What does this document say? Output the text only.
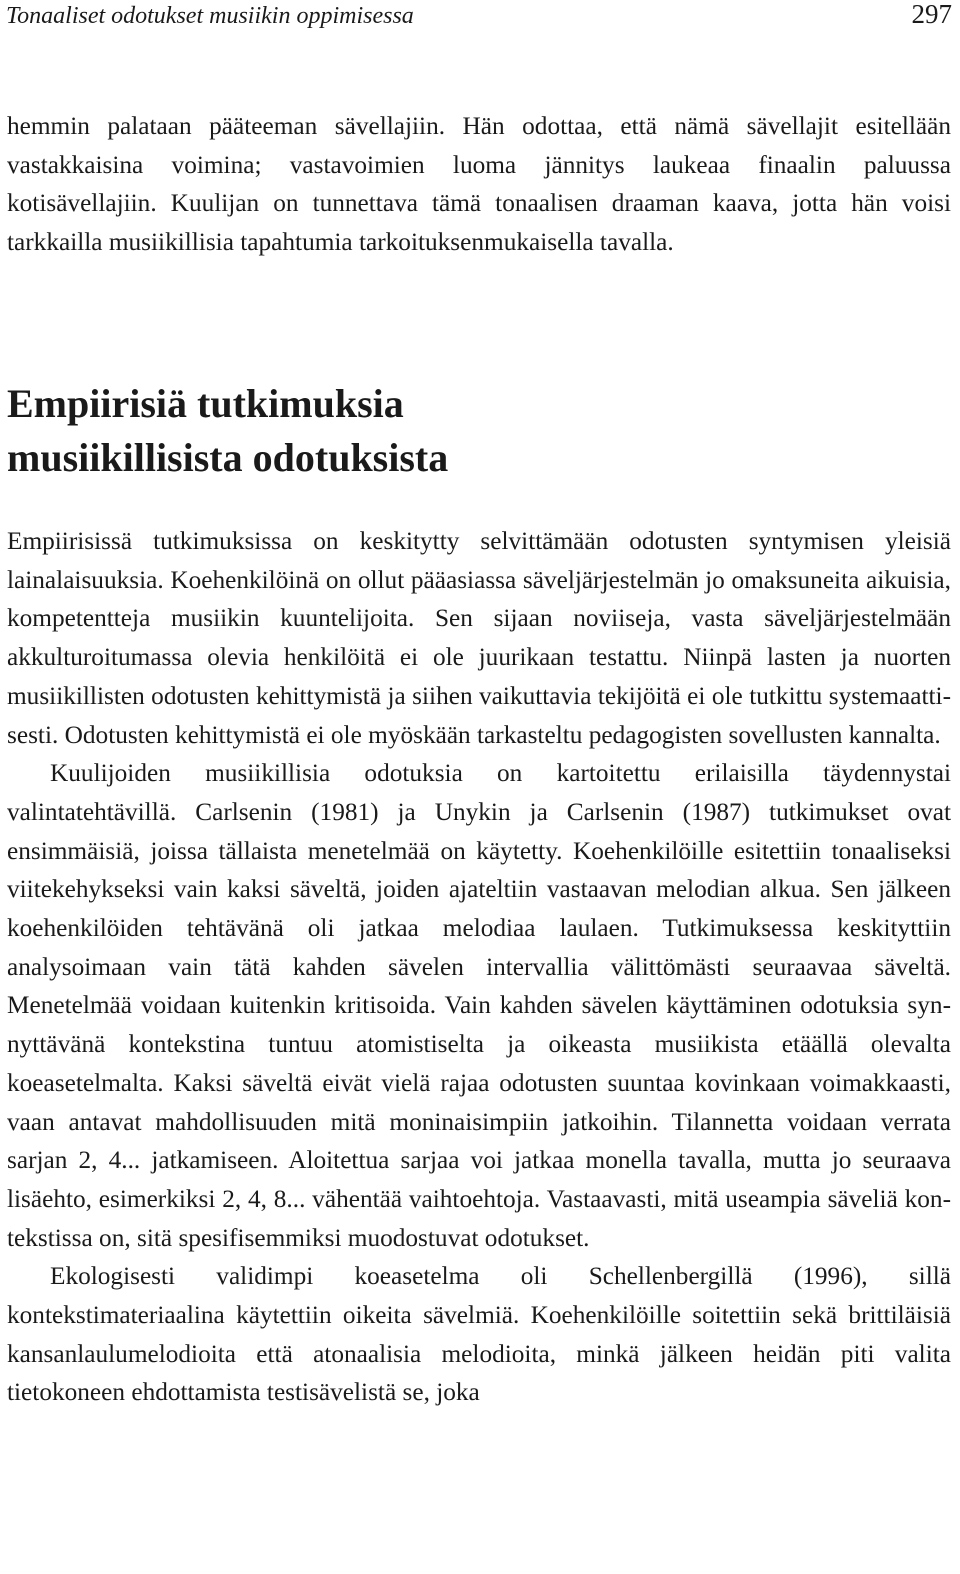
Tonaaliset odotukset musiikin oppimisessa	297

hemmin palataan pääteeman sävellajiin. Hän odottaa, että nämä sävellajit esitellään vastakkaisina voimina; vastavoimien luoma jännitys laukeaa finaalin paluussa kotisävellajiin. Kuulijan on tunnettava tämä tonaalisen draaman kaava, jotta hän voisi tarkkailla musiikillisia tapahtumia tarkoituksenmukaisella tavalla.

Empiirisiä tutkimuksia
musiikillisista odotuksista

Empiirisissä tutkimuksissa on keskitytty selvittämään odotusten syntymisen yleisiä lainalaisuuksia. Koehenkilöinä on ollut pääasiassa säveljärjestelmän jo omaksuneita aikuisia, kompetentteja musiikin kuuntelijoita. Sen sijaan noviiseja, vasta säveljärjestelmään akkulturoitumassa olevia henkilöitä ei ole juurikaan testattu. Niinpä lasten ja nuorten musiikillisten odotusten kehittymistä ja siihen vaikuttavia tekijöitä ei ole tutkittu systemaattisesti. Odotusten kehittymistä ei ole myöskään tarkasteltu pedagogisten sovellusten kannalta.

Kuulijoiden musiikillisia odotuksia on kartoitettu erilaisilla täydennystai valintatehtävillä. Carlsenin (1981) ja Unykin ja Carlsenin (1987) tutkimukset ovat ensimmäisiä, joissa tällaista menetelmää on käytetty. Koehenkilöille esitettiin tonaaliseksi viitekehykseksi vain kaksi säveltä, joiden ajateltiin vastaavan melodian alkua. Sen jälkeen koehenkilöiden tehtävänä oli jatkaa melodiaa laulaen. Tutkimuksessa keskityttiin analysoimaan vain tätä kahden sävelen intervallia välittömästi seuraavaa säveltä. Menetelmää voidaan kuitenkin kritisoida. Vain kahden sävelen käyttäminen odotuksia synnyttävänä kontekstina tuntuu atomistiselta ja oikeasta musiikista etäällä olevalta koeasetelmalta. Kaksi säveltä eivät vielä rajaa odotusten suuntaa kovinkaan voimakkaasti, vaan antavat mahdollisuuden mitä moninaisimpiin jatkoihin. Tilannetta voidaan verrata sarjan 2, 4... jatkamiseen. Aloitettua sarjaa voi jatkaa monella tavalla, mutta jo seuraava lisäehto, esimerkiksi 2, 4, 8... vähentää vaihtoehtoja. Vastaavasti, mitä useampia säveliä kontekstissa on, sitä spesifisemmiksi muodostuvat odotukset.

Ekologisesti validimpi koeasetelma oli Schellenbergillä (1996), sillä kontekstimateriaalina käytettiin oikeita sävelmiä. Koehenkilöille soitettiin sekä brittiläisiä kansanlaulumelodioita että atonaalisia melodioita, minkä jälkeen heidän piti valita tietokoneen ehdottamista testisävelistä se, joka
